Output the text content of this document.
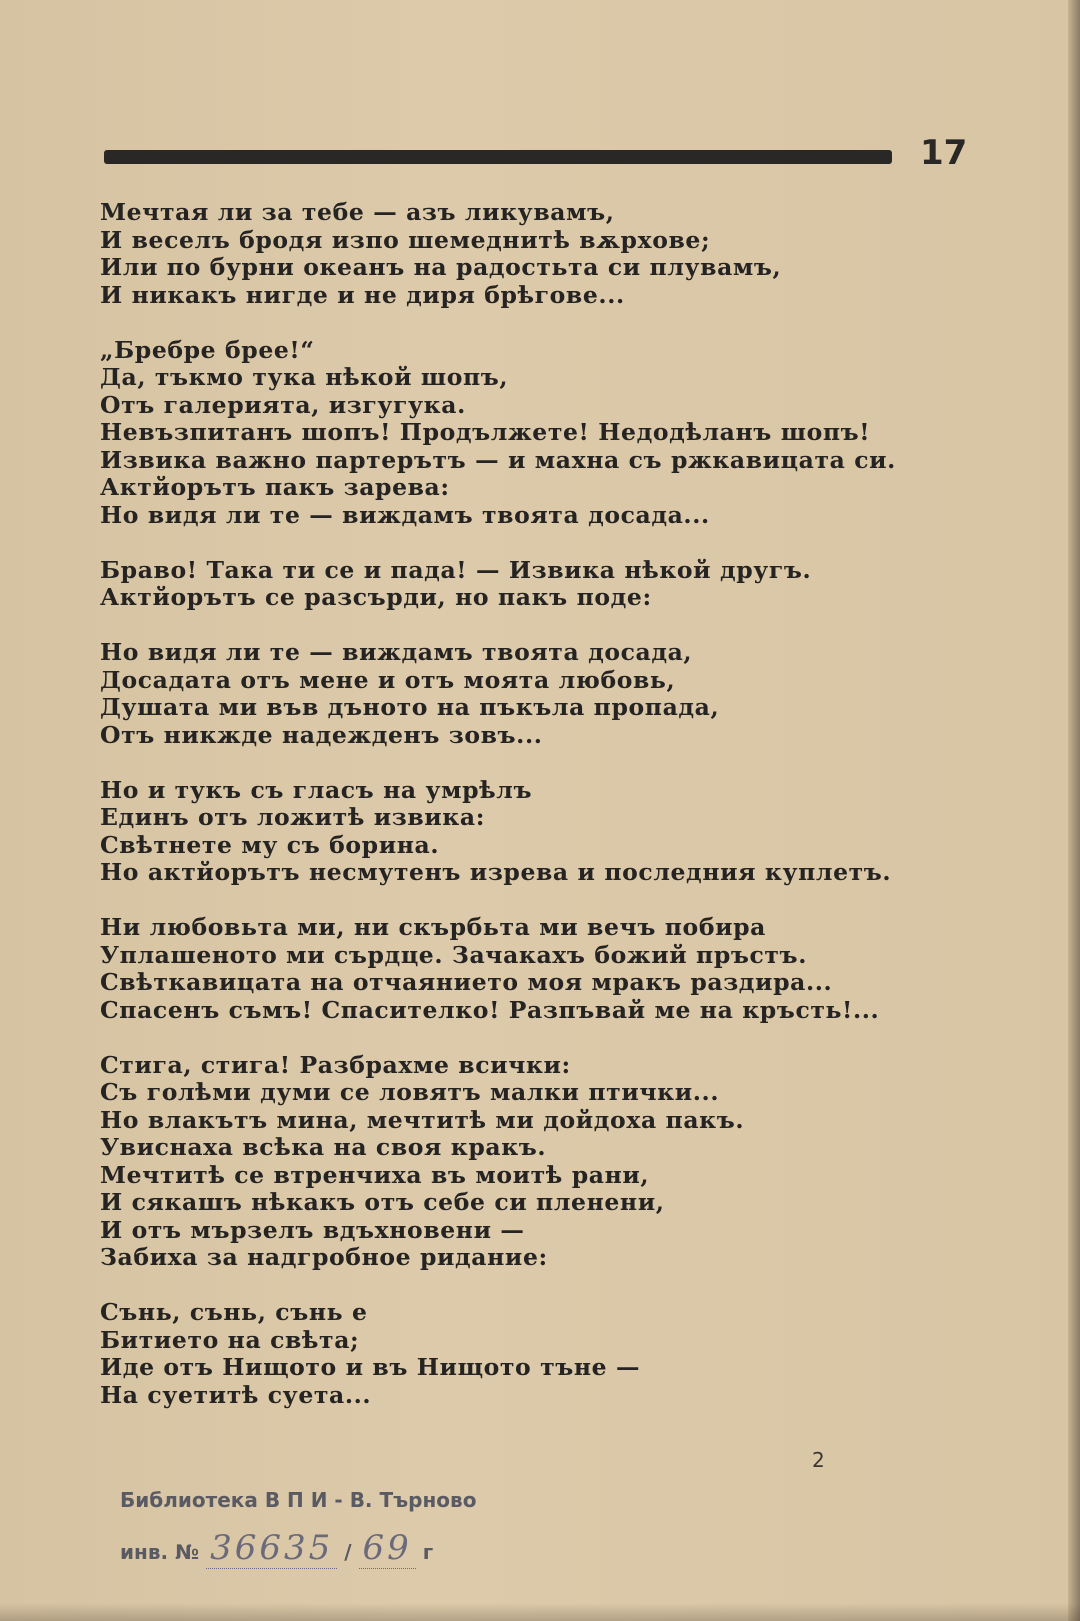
17
Мечтая ли за тебе — азъ ликувамъ,
И веселъ бродя изпо шемеднитѣ вѫрхове;
Или по бурни океанъ на радостьта си плувамъ,
И никакъ нигде и не диря брѣгове...
„Бребре брее!“
Да, тъкмо тука нѣкой шопъ,
Отъ галерията, изгугука.
Невъзпитанъ шопъ! Продължете! Недодѣланъ шопъ!
Извика важно партерътъ — и махна съ ржкавицата си.
Актйорътъ пакъ зарева:
Но видя ли те — виждамъ твоята досада...
Браво! Така ти се и пада! — Извика нѣкой другъ.
Актйорътъ се разсърди, но пакъ поде:
Но видя ли те — виждамъ твоята досада,
Досадата отъ мене и отъ моята любовь,
Душата ми във дъното на пъкъла пропада,
Отъ никжде надежденъ зовъ...
Но и тукъ съ гласъ на умрѣлъ
Единъ отъ ложитѣ извика:
Свѣтнете му съ борина.
Но актйорътъ несмутенъ изрева и последния куплетъ.
Ни любовьта ми, ни скърбьта ми вечъ побира
Уплашеното ми сърдце. Зачакахъ божий пръстъ.
Свѣткавицата на отчаянието моя мракъ раздира...
Спасенъ съмъ! Спасителко! Разпъвай ме на кръсть!...
Стига, стига! Разбрахме всички:
Съ голѣми думи се ловятъ малки птички...
Но влакътъ мина, мечтитѣ ми дойдоха пакъ.
Увиснаха всѣка на своя кракъ.
Мечтитѣ се втренчиха въ моитѣ рани,
И сякашъ нѣкакъ отъ себе си пленени,
И отъ мързелъ вдъхновени —
Забиха за надгробное ридание:
Сънь, сънь, сънь е
Битието на свѣта;
Иде отъ Нищото и въ Нищото тъне —
На суетитѣ суета...
2
Библиотека В П И - В. Търново
инв. № 36635 / 69 г
